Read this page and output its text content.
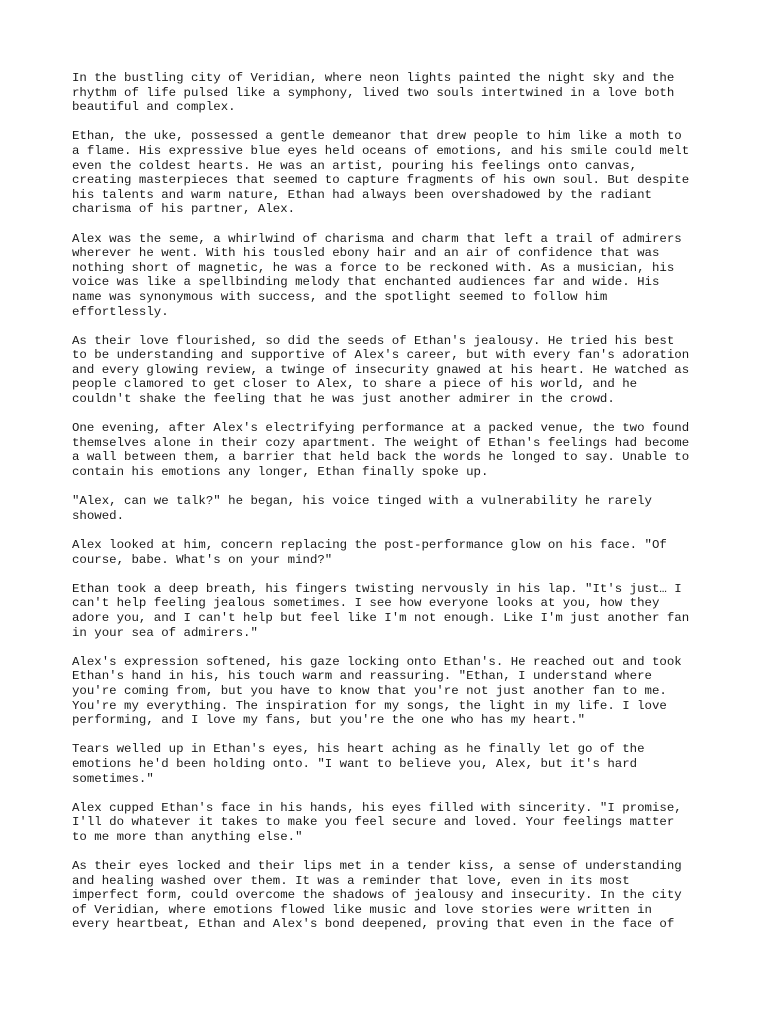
In the bustling city of Veridian, where neon lights painted the night sky and the
rhythm of life pulsed like a symphony, lived two souls intertwined in a love both
beautiful and complex.

Ethan, the uke, possessed a gentle demeanor that drew people to him like a moth to
a flame. His expressive blue eyes held oceans of emotions, and his smile could melt
even the coldest hearts. He was an artist, pouring his feelings onto canvas,
creating masterpieces that seemed to capture fragments of his own soul. But despite
his talents and warm nature, Ethan had always been overshadowed by the radiant
charisma of his partner, Alex.

Alex was the seme, a whirlwind of charisma and charm that left a trail of admirers
wherever he went. With his tousled ebony hair and an air of confidence that was
nothing short of magnetic, he was a force to be reckoned with. As a musician, his
voice was like a spellbinding melody that enchanted audiences far and wide. His
name was synonymous with success, and the spotlight seemed to follow him
effortlessly.

As their love flourished, so did the seeds of Ethan's jealousy. He tried his best
to be understanding and supportive of Alex's career, but with every fan's adoration
and every glowing review, a twinge of insecurity gnawed at his heart. He watched as
people clamored to get closer to Alex, to share a piece of his world, and he
couldn't shake the feeling that he was just another admirer in the crowd.

One evening, after Alex's electrifying performance at a packed venue, the two found
themselves alone in their cozy apartment. The weight of Ethan's feelings had become
a wall between them, a barrier that held back the words he longed to say. Unable to
contain his emotions any longer, Ethan finally spoke up.

"Alex, can we talk?" he began, his voice tinged with a vulnerability he rarely
showed.

Alex looked at him, concern replacing the post-performance glow on his face. "Of
course, babe. What's on your mind?"

Ethan took a deep breath, his fingers twisting nervously in his lap. "It's just… I
can't help feeling jealous sometimes. I see how everyone looks at you, how they
adore you, and I can't help but feel like I'm not enough. Like I'm just another fan
in your sea of admirers."

Alex's expression softened, his gaze locking onto Ethan's. He reached out and took
Ethan's hand in his, his touch warm and reassuring. "Ethan, I understand where
you're coming from, but you have to know that you're not just another fan to me.
You're my everything. The inspiration for my songs, the light in my life. I love
performing, and I love my fans, but you're the one who has my heart."

Tears welled up in Ethan's eyes, his heart aching as he finally let go of the
emotions he'd been holding onto. "I want to believe you, Alex, but it's hard
sometimes."

Alex cupped Ethan's face in his hands, his eyes filled with sincerity. "I promise,
I'll do whatever it takes to make you feel secure and loved. Your feelings matter
to me more than anything else."

As their eyes locked and their lips met in a tender kiss, a sense of understanding
and healing washed over them. It was a reminder that love, even in its most
imperfect form, could overcome the shadows of jealousy and insecurity. In the city
of Veridian, where emotions flowed like music and love stories were written in
every heartbeat, Ethan and Alex's bond deepened, proving that even in the face of
